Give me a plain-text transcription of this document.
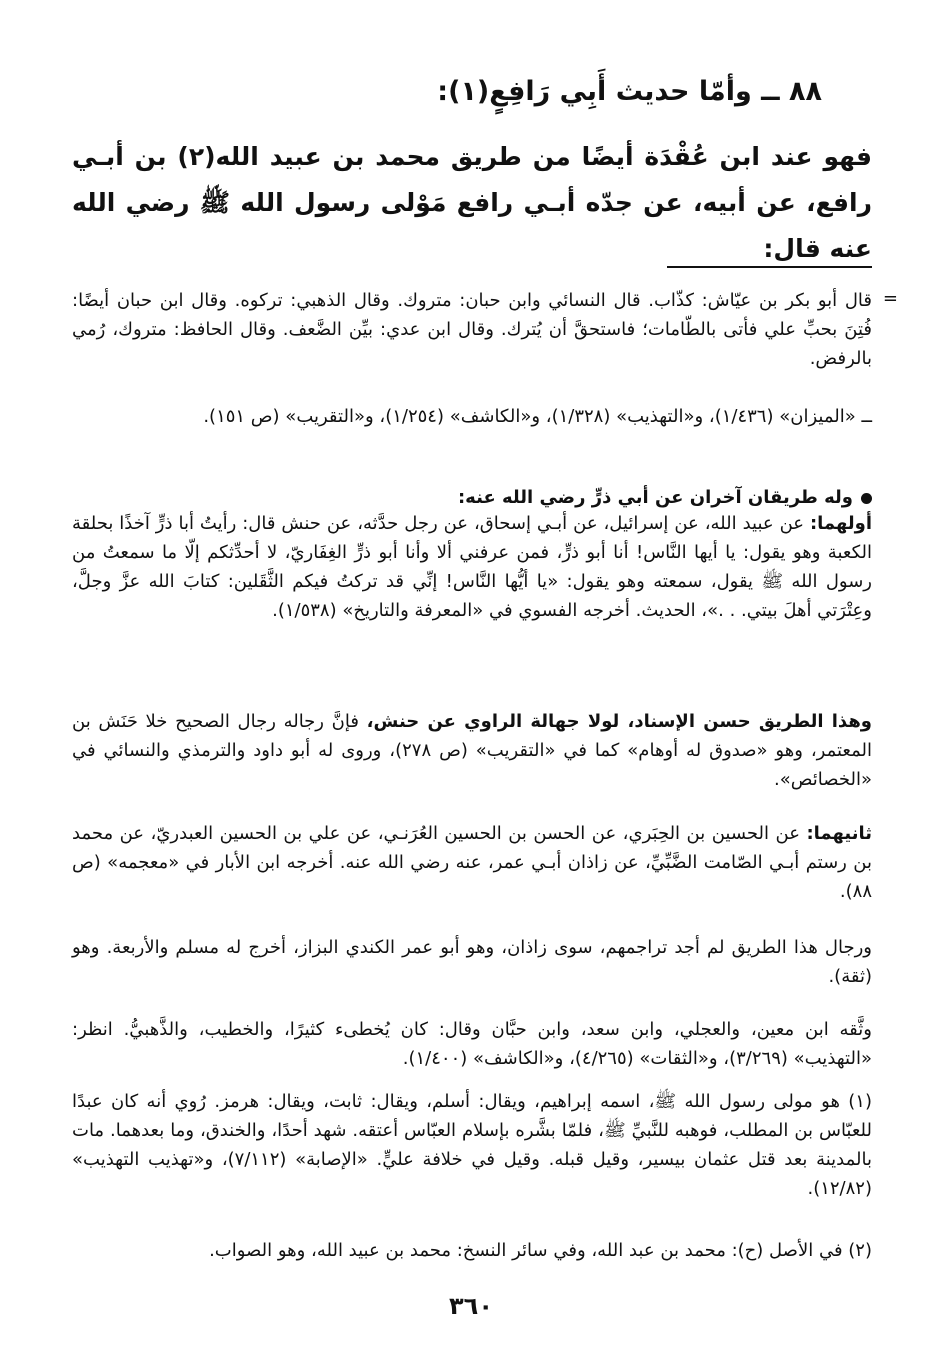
٨٨ ــ وأمّا حديث أَبِي رَافِعٍ(١):
فهو عند ابن عُقْدَة أيضًا من طريق محمد بن عبيد الله(٢) بن أبـي رافع، عن أبيه، عن جدّه أبـي رافع مَوْلى رسول الله ﷺ رضي الله عنه قال:
=
قال أبو بكر بن عيّاش: كذّاب. قال النسائي وابن حبان: متروك. وقال الذهبي: تركوه. وقال ابن حبان أيضًا: فُتِنَ بحبِّ علي فأتى بالطّامات؛ فاستحقَّ أن يُترك. وقال ابن عدي: بيِّن الضَّعف. وقال الحافظ: متروك، رُمي بالرفض.
ــ «الميزان» (١/٤٣٦)، و«التهذيب» (١/٣٢٨)، و«الكاشف» (١/٢٥٤)، و«التقريب» (ص ١٥١).
وله طريقان آخران عن أبي ذرٍّ رضي الله عنه:
أولهما: عن عبيد الله، عن إسرائيل، عن أبـي إسحاق، عن رجل حدَّثه، عن حنش قال: رأيتُ أبا ذرٍّ آخذًا بحلقة الكعبة وهو يقول: يا أيها النَّاس! أنا أبو ذرٍّ، فمن عرفني ألا وأنا أبو ذرٍّ الغِفَاريّ، لا أحدِّثكم إلّا ما سمعتُ من رسول الله ﷺ يقول، سمعته وهو يقول: «يا أيُّها النَّاس! إنِّي قد تركتُ فيكم الثَّقَلين: كتابَ الله عزَّ وجلَّ، وعِتْرَتي أهلَ بيتي. . .»، الحديث. أخرجه الفسوي في «المعرفة والتاريخ» (١/٥٣٨).
وهذا الطريق حسن الإسناد، لولا جهالة الراوي عن حنش، فإنَّ رجاله رجال الصحيح خلا حَنَش بن المعتمر، وهو «صدوق له أوهام» كما في «التقريب» (ص ٢٧٨)، وروى له أبو داود والترمذي والنسائي في «الخصائص».
ثانيهما: عن الحسين بن الحِبَري، عن الحسن بن الحسين العُرَنـي، عن علي بن الحسين العبدريّ، عن محمد بن رستم أبـي الصّامت الضَّبِّيِّ، عن زاذان أبـي عمر، عنه رضي الله عنه. أخرجه ابن الأبار في «معجمه» (ص ٨٨).
ورجال هذا الطريق لم أجد تراجمهم، سوى زاذان، وهو أبو عمر الكندي البزاز، أخرج له مسلم والأربعة. وهو (ثقة).
وثَّقه ابن معين، والعجلي، وابن سعد، وابن حبَّان وقال: كان يُخطىء كثيرًا، والخطيب، والذَّهبيُّ. انظر: «التهذيب» (٣/٢٦٩)، و«الثقات» (٤/٢٦٥)، و«الكاشف» (١/٤٠٠).
(١) هو مولى رسول الله ﷺ، اسمه إبراهيم، ويقال: أسلم، ويقال: ثابت، ويقال: هرمز. رُوي أنه كان عبدًا للعبّاس بن المطلب، فوهبه للنَّبيِّ ﷺ، فلمّا بشَّره بإسلام العبّاس أعتقه. شهد أحدًا، والخندق، وما بعدهما. مات بالمدينة بعد قتل عثمان بيسير، وقيل قبله. وقيل في خلافة عليٍّ. «الإصابة» (٧/١١٢)، و«تهذيب التهذيب» (١٢/٨٢).
(٢) في الأصل (ح): محمد بن عبد الله، وفي سائر النسخ: محمد بن عبيد الله، وهو الصواب.
٣٦٠
